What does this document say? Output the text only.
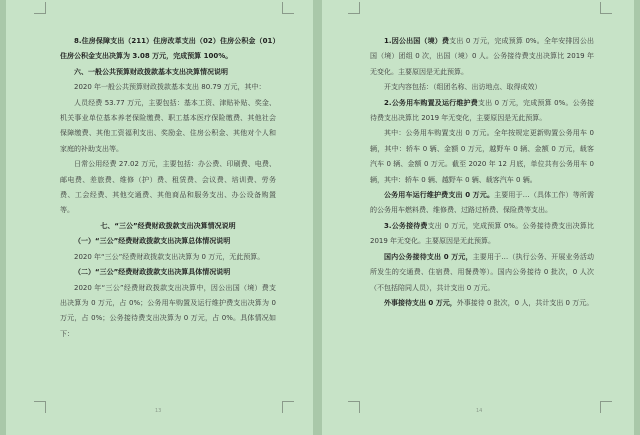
8.住房保障支出（211）住房改革支出（02）住房公积金（01）住房公积金支出决算为 3.08 万元，完成预算 100%。

六、一般公共预算财政拨款基本支出决算情况说明

2020 年一般公共预算财政拨款基本支出 80.79 万元，其中：

人员经费 53.77 万元，主要包括：基本工资、津贴补贴、奖金、机关事业单位基本养老保险缴费、职工基本医疗保险缴费、其他社会保障缴费、其他工资福利支出、奖励金、住房公积金、其他对个人和家庭的补助支出等。

日常公用经费 27.02 万元，主要包括：办公费、印刷费、电费、邮电费、差旅费、维修（护）费、租赁费、会议费、培训费、劳务费、工会经费、其他交通费、其他商品和服务支出、办公设备购置等。

七、“三公”经费财政拨款支出决算情况说明

（一）“三公”经费财政拨款支出决算总体情况说明

2020 年“三公”经费财政拨款支出决算为 0 万元，无此预算。

（二）“三公”经费财政拨款支出决算具体情况说明

2020 年“三公”经费财政拨款支出决算中，因公出国（境）费支出决算为 0 万元，占 0%；公务用车购置及运行维护费支出决算为 0 万元，占 0%；公务接待费支出决算为 0 万元，占 0%。具体情况如下：

13

1.因公出国（境）费支出 0 万元，完成预算 0%。全年安排因公出国（境）团组 0 次，出国（境）0 人。公务接待费支出决算比 2019 年无变化。主要原因是无此预算。

开支内容包括：（组团名称、出访地点、取得成效）

2.公务用车购置及运行维护费支出 0 万元，完成预算 0%。公务接待费支出决算比 2019 年无变化，主要原因是无此预算。

其中：公务用车购置支出 0 万元。全年按规定更新购置公务用车 0 辆，其中：轿车 0 辆、金额 0 万元，越野车 0 辆、金额 0 万元，载客汽车 0 辆、金额 0 万元。截至 2020 年 12 月底，单位共有公务用车 0 辆，其中：轿车 0 辆、越野车 0 辆、载客汽车 0 辆。

公务用车运行维护费支出 0 万元。主要用于…（具体工作）等所需的公务用车燃料费、维修费、过路过桥费、保险费等支出。

3.公务接待费支出 0 万元，完成预算 0%。公务接待费支出决算比 2019 年无变化。主要原因是无此预算。

国内公务接待支出 0 万元，主要用于…（执行公务、开展业务活动所发生的交通费、住宿费、用餐费等）。国内公务接待 0 批次，0 人次（不包括陪同人员），共计支出 0 万元。

外事接待支出 0 万元，外事接待 0 批次，0 人，共计支出 0 万元。

14
